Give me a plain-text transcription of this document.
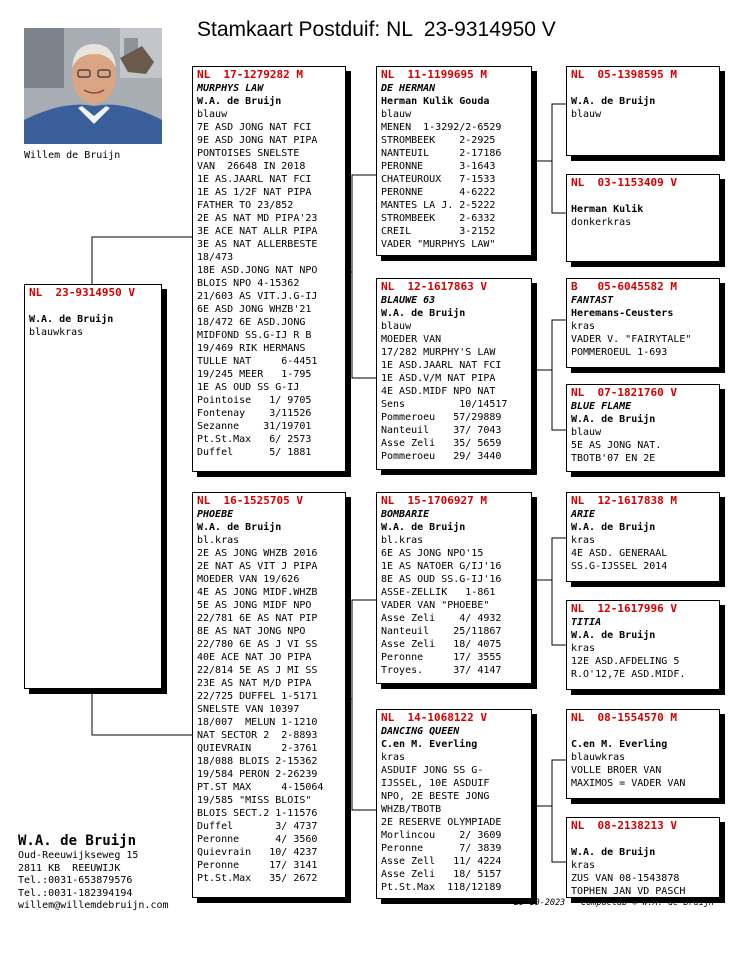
Stamkaart Postduif: NL  23-9314950 V
Willem de Bruijn
NL  23-9314950 V
W.A. de Bruijn
blauwkras
NL  17-1279282 M
MURPHYS LAW
W.A. de Bruijn
blauw
7E ASD JONG NAT FCI
9E ASD JONG NAT PIPA
PONTOISES SNELSTE
VAN  26648 IN 2018
1E AS.JAARL NAT FCI
1E AS 1/2F NAT PIPA
FATHER TO 23/852
2E AS NAT MD PIPA'23
3E ACE NAT ALLR PIPA
3E AS NAT ALLERBESTE
18/473
18E ASD.JONG NAT NPO
BLOIS NPO 4-15362
21/603 AS VIT.J.G-IJ
6E ASD JONG WHZB'21
18/472 6E ASD.JONG
MIDFOND SS.G-IJ R B
19/469 RIK HERMANS
TULLE NAT     6-4451
19/245 MEER   1-795
1E AS OUD SS G-IJ
Pointoise   1/ 9705
Fontenay    3/11526
Sezanne    31/19701
Pt.St.Max   6/ 2573
Duffel      5/ 1881
NL  16-1525705 V
PHOEBE
W.A. de Bruijn
bl.kras
2E AS JONG WHZB 2016
2E NAT AS VIT J PIPA
MOEDER VAN 19/626
4E AS JONG MIDF.WHZB
5E AS JONG MIDF NPO
22/781 6E AS NAT PIP
8E AS NAT JONG NPO
22/780 6E AS J VI SS
40E ACE NAT JO PIPA
22/814 5E AS J MI SS
23E AS NAT M/D PIPA
22/725 DUFFEL 1-5171
SNELSTE VAN 10397
18/007  MELUN 1-1210
NAT SECTOR 2  2-8893
QUIEVRAIN     2-3761
18/088 BLOIS 2-15362
19/584 PERON 2-26239
PT.ST MAX     4-15064
19/585 "MISS BLOIS"
BLOIS SECT.2 1-11576
Duffel       3/ 4737
Peronne      4/ 3560
Quievrain   10/ 4237
Peronne     17/ 3141
Pt.St.Max   35/ 2672
NL  11-1199695 M
DE HERMAN
Herman Kulik Gouda
blauw
MENEN  1-3292/2-6529
STROMBEEK    2-2925
NANTEUIL     2-17186
PERONNE      3-1643
CHATEUROUX   7-1533
PERONNE      4-6222
MANTES LA J. 2-5222
STROMBEEK    2-6332
CREIL        3-2152
VADER "MURPHYS LAW"
NL  12-1617863 V
BLAUWE 63
W.A. de Bruijn
blauw
MOEDER VAN
17/282 MURPHY'S LAW
1E ASD.JAARL NAT FCI
1E ASD.V/M NAT PIPA
4E ASD.MIDF NPO NAT
Sens         10/14517
Pommeroeu   57/29889
Nanteuil    37/ 7043
Asse Zeli   35/ 5659
Pommeroeu   29/ 3440
NL  15-1706927 M
BOMBARIE
W.A. de Bruijn
bl.kras
6E AS JONG NPO'15
1E AS NATOER G/IJ'16
8E AS OUD SS.G-IJ'16
ASSE-ZELLIK   1-861
VADER VAN "PHOEBE"
Asse Zeli    4/ 4932
Nanteuil    25/11867
Asse Zeli   18/ 4075
Peronne     17/ 3555
Troyes.     37/ 4147
NL  14-1068122 V
DANCING QUEEN
C.en M. Everling
kras
ASDUIF JONG SS G-
IJSSEL, 10E ASDUIF
NPO, 2E BESTE JONG
WHZB/TBOTB
2E RESERVE OLYMPIADE
Morlincou    2/ 3609
Peronne      7/ 3839
Asse Zell   11/ 4224
Asse Zeli   18/ 5157
Pt.St.Max  118/12189
NL  05-1398595 M
W.A. de Bruijn
blauw
NL  03-1153409 V
Herman Kulik
donkerkras
B   05-6045582 M
FANTAST
Heremans-Ceusters
kras
VADER V. "FAIRYTALE"
POMMEROEUL 1-693
NL  07-1821760 V
BLUE FLAME
W.A. de Bruijn
blauw
5E AS JONG NAT.
TBOTB'07 EN 2E
NL  12-1617838 M
ARIE
W.A. de Bruijn
kras
4E ASD. GENERAAL
SS.G-IJSSEL 2014
NL  12-1617996 V
TITIA
W.A. de Bruijn
kras
12E ASD.AFDELING 5
R.O'12,7E ASD.MIDF.
NL  08-1554570 M
C.en M. Everling
blauwkras
VOLLE BROER VAN
MAXIMOS = VADER VAN
NL  08-2138213 V
W.A. de Bruijn
kras
ZUS VAN 08-1543878
TOPHEN JAN VD PASCH
W.A. de Bruijn
Oud-Reeuwijkseweg 15
2811 KB  REEUWIJK
Tel.:0031-653879576
Tel.:0031-182394194
willem@willemdebruijn.com	29-10-2023 Compuclub © W.A. de Bruijn
